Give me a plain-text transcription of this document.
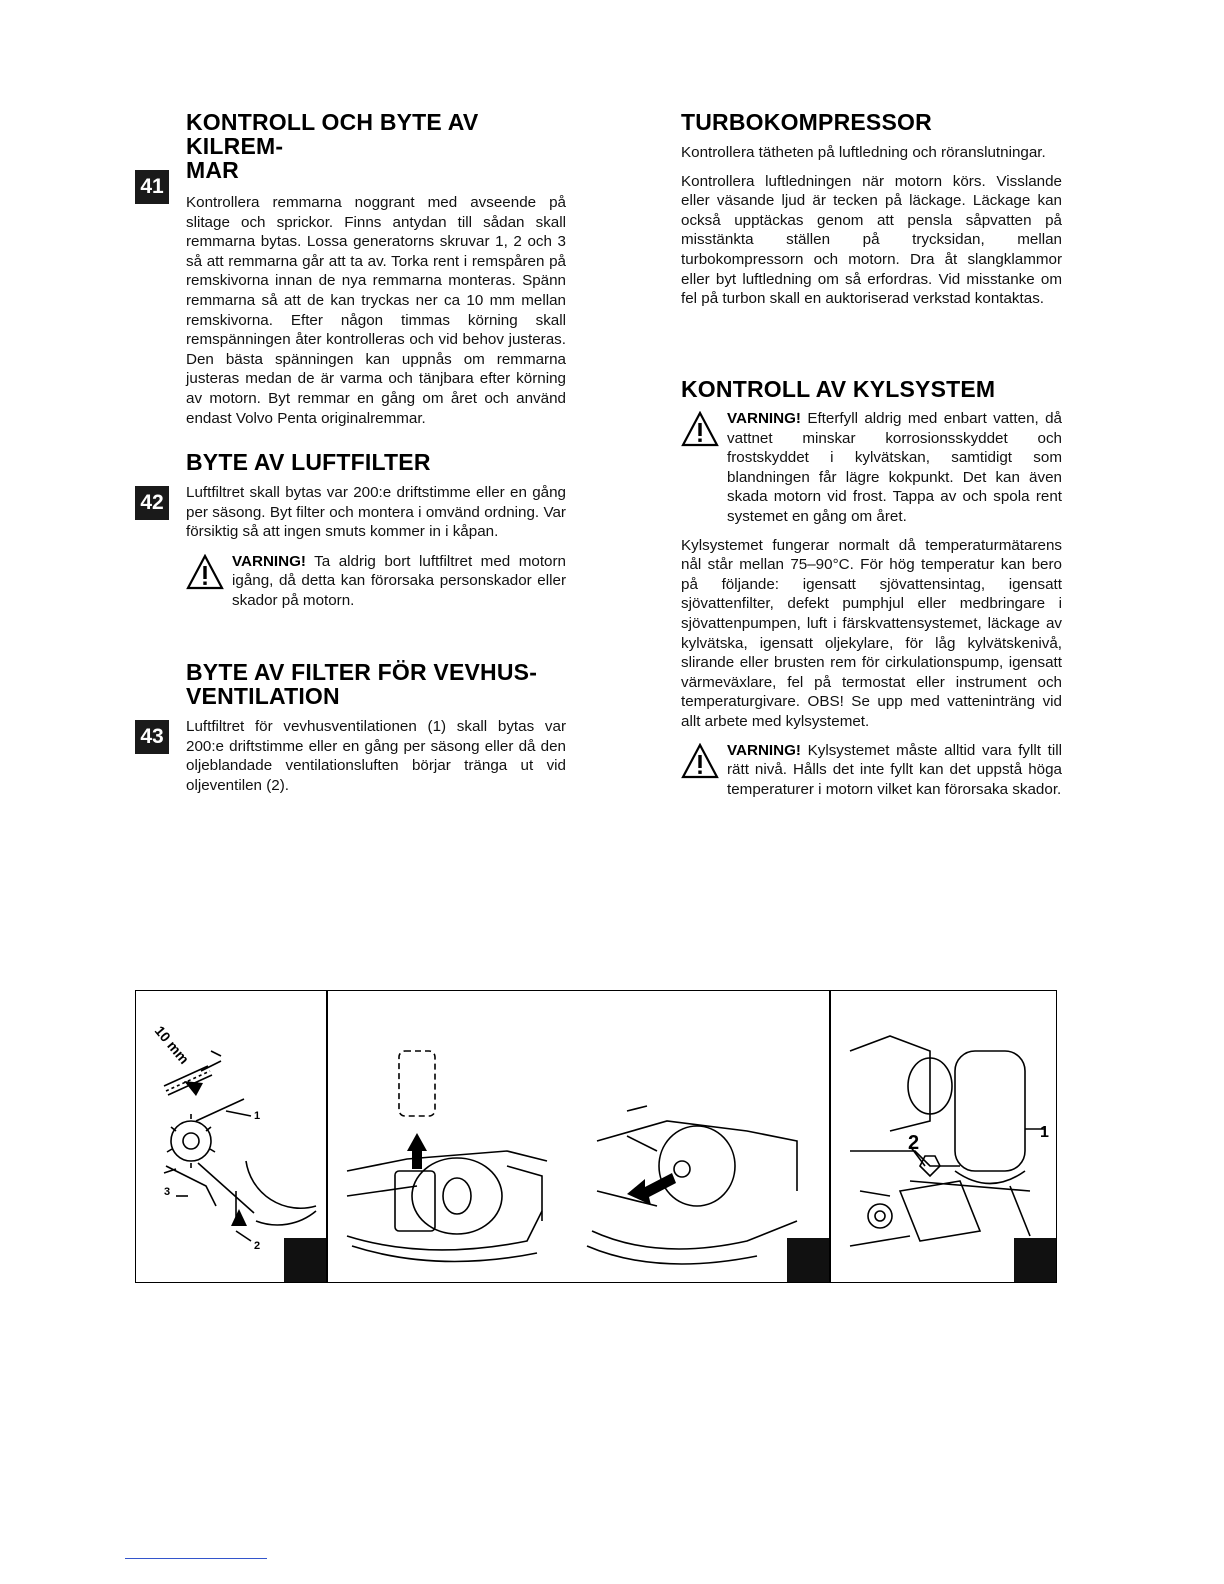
41
KONTROLL OCH BYTE AV KILREM-
MAR

Kontrollera remmarna noggrant med avseende på slitage och sprickor. Finns antydan till sådan skall remmarna bytas. Lossa generatorns skruvar 1, 2 och 3 så att remmarna går att ta av. Torka rent i remspåren på remskivorna innan de nya remmarna monteras. Spänn remmarna så att de kan tryckas ner ca 10 mm mellan remskivorna. Efter någon timmas körning skall remspänningen åter kontrolleras och vid behov justeras. Den bästa spänningen kan uppnås om remmarna justeras medan de är varma och tänjbara efter körning av motorn. Byt remmar en gång om året och använd endast Volvo Penta originalremmar.

42
BYTE AV LUFTFILTER

Luftfiltret skall bytas var 200:e driftstimme eller en gång per säsong. Byt filter och montera i omvänd ordning. Var försiktig så att ingen smuts kommer in i kåpan.

VARNING! Ta aldrig bort luftfiltret med motorn igång, då detta kan förorsaka personskador eller skador på motorn.

43
BYTE AV FILTER FÖR VEVHUS-
VENTILATION

Luftfiltret för vevhusventilationen (1) skall bytas var 200:e driftstimme eller en gång per säsong eller då den oljeblandade ventilationsluften börjar tränga ut vid oljeventilen (2).

TURBOKOMPRESSOR

Kontrollera tätheten på luftledning och röranslutningar.

Kontrollera luftledningen när motorn körs. Visslande eller väsande ljud är tecken på läckage. Läckage kan också upptäckas genom att pensla såpvatten på misstänkta ställen på trycksidan, mellan turbokompressorn och motorn. Dra åt slangklammor eller byt luftledning om så erfordras. Vid misstanke om fel på turbon skall en auktoriserad verkstad kontaktas.

KONTROLL AV KYLSYSTEM

VARNING! Efterfyll aldrig med enbart vatten, då vattnet minskar korrosionsskyddet och frostskyddet i kylvätskan, samtidigt som blandningen får lägre kokpunkt. Det kan även skada motorn vid frost. Tappa av och spola rent systemet en gång om året.

Kylsystemet fungerar normalt då temperaturmätarens nål står mellan 75–90°C. För hög temperatur kan bero på följande: igensatt sjövattensintag, igensatt sjövattenfilter, defekt pumphjul eller medbringare i sjövattenpumpen, luft i färskvattensystemet, läckage av kylvätska, igensatt oljekylare, för låg kylvätskenivå, slirande eller brusten rem för cirkulationspump, igensatt värmeväxlare, fel på termostat eller instrument och temperaturgivare. OBS! Se upp med vatteninträng vid allt arbete med kylsystemet.

VARNING! Kylsystemet måste alltid vara fyllt till rätt nivå. Hålls det inte fyllt kan det uppstå höga temperaturer i motorn vilket kan förorsaka skador.

1
2
3
10 mm
2	1
